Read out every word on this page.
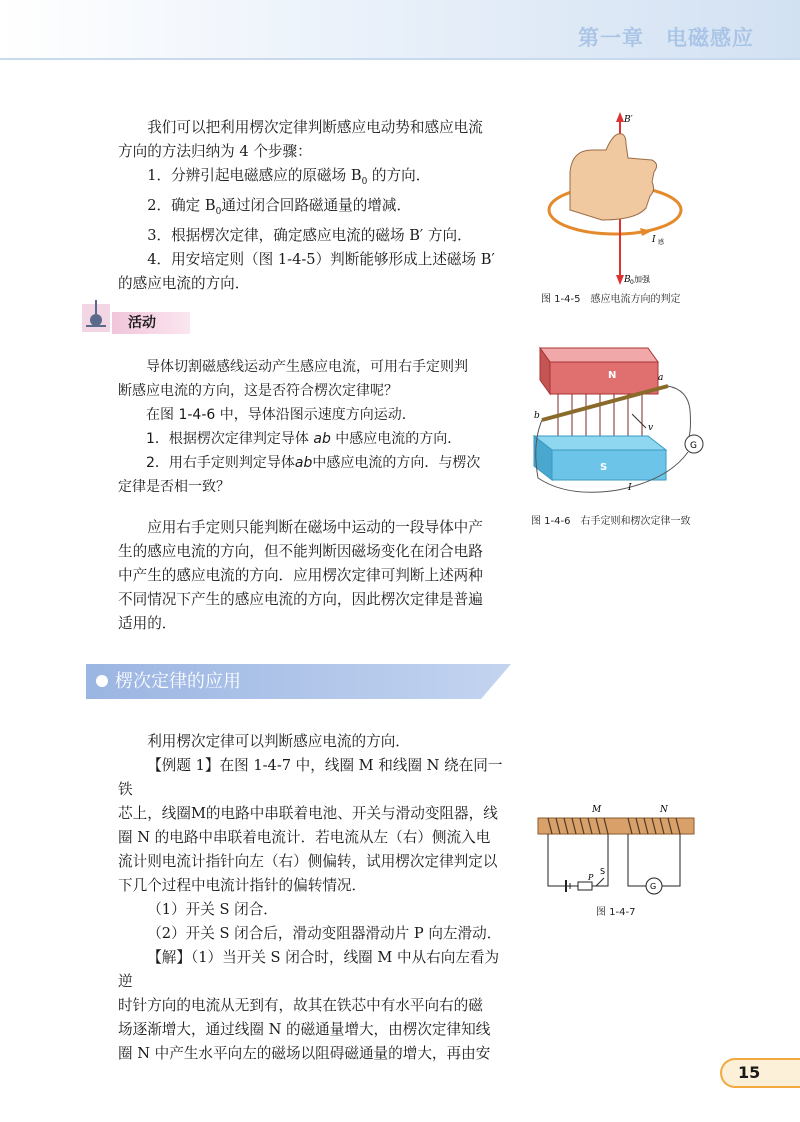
第一章　电磁感应

我们可以把利用楞次定律判断感应电动势和感应电流

方向的方法归纳为 4 个步骤：

1．分辨引起电磁感应的原磁场 $B_0$ 的方向．

2．确定 $B_0$通过闭合回路磁通量的增减．

3．根据楞次定律，确定感应电流的磁场 B′ 方向．

4．用安培定则（图 1-4-5）判断能够形成上述磁场 B′

的感应电流的方向．

B′
I 感
B 0 加强
图 1-4-5　感应电流方向的判定
活动

导体切割磁感线运动产生感应电流，可用右手定则判

断感应电流的方向，这是否符合楞次定律呢？

在图 1-4-6 中，导体沿图示速度方向运动．

1．根据楞次定律判定导体 ab 中感应电流的方向．

2．用右手定则判定导体ab中感应电流的方向．与楞次

定律是否相一致？

N
S
a
b
v
I
G
图 1-4-6　右手定则和楞次定律一致

应用右手定则只能判断在磁场中运动的一段导体中产

生的感应电流的方向，但不能判断因磁场变化在闭合电路

中产生的感应电流的方向．应用楞次定律可判断上述两种

不同情况下产生的感应电流的方向，因此楞次定律是普遍

适用的．

楞次定律的应用

利用楞次定律可以判断感应电流的方向．

【例题 1】在图 1-4-7 中，线圈 M 和线圈 N 绕在同一铁

芯上，线圈M的电路中串联着电池、开关与滑动变阻器，线

圈 N 的电路中串联着电流计．若电流从左（右）侧流入电

流计则电流计指针向左（右）侧偏转，试用楞次定律判定以

下几个过程中电流计指针的偏转情况．

（1）开关 S 闭合．

（2）开关 S 闭合后，滑动变阻器滑动片 P 向左滑动．

【解】（1）当开关 S 闭合时，线圈 M 中从右向左看为逆

时针方向的电流从无到有，故其在铁芯中有水平向右的磁

场逐渐增大，通过线圈 N 的磁通量增大，由楞次定律知线

圈 N 中产生水平向左的磁场以阻碍磁通量的增大，再由安

M	N
P
S
G
图 1-4-7
15
